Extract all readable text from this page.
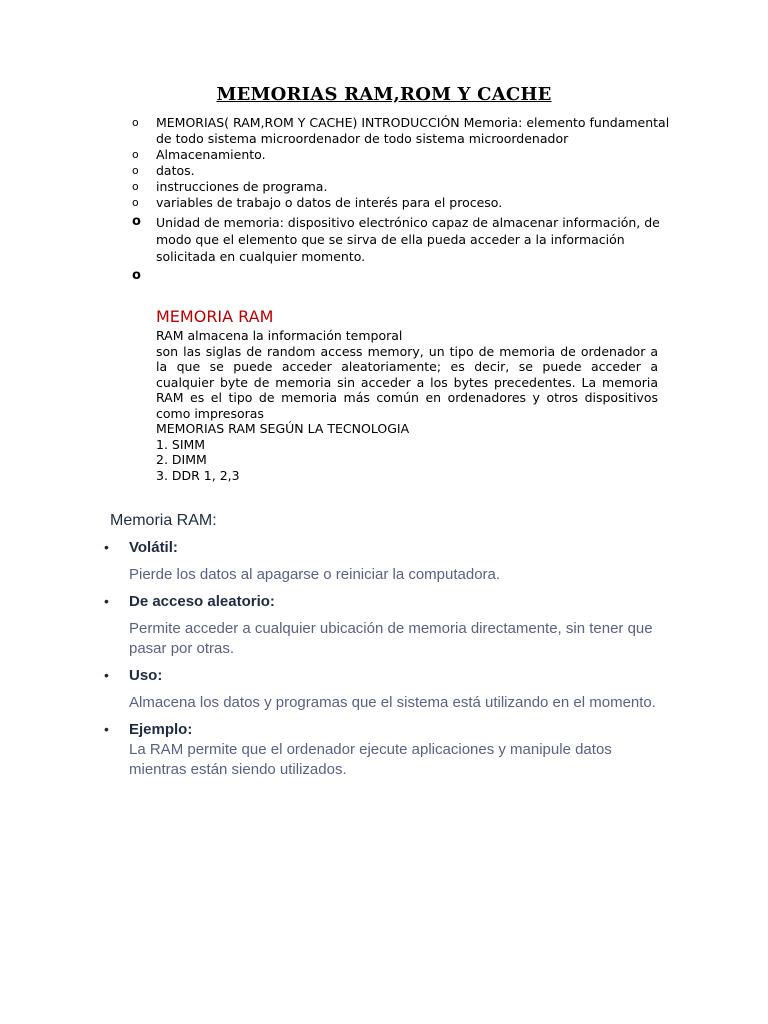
MEMORIAS RAM,ROM Y CACHE
o MEMORIAS( RAM,ROM Y CACHE) INTRODUCCIÓN Memoria: elemento fundamental de todo sistema microordenador de todo sistema microordenador
o Almacenamiento.
o datos.
o instrucciones de programa.
o variables de trabajo o datos de interés para el proceso.
o Unidad de memoria: dispositivo electrónico capaz de almacenar información, de modo que el elemento que se sirva de ella pueda acceder a la información solicitada en cualquier momento.
o
MEMORIA RAM
RAM almacena la información temporal
son las siglas de random access memory, un tipo de memoria de ordenador a la que se puede acceder aleatoriamente; es decir, se puede acceder a cualquier byte de memoria sin acceder a los bytes precedentes. La memoria RAM es el tipo de memoria más común en ordenadores y otros dispositivos como impresoras
MEMORIAS RAM SEGÚN LA TECNOLOGIA
1. SIMM
2. DIMM
3. DDR 1, 2,3
Memoria RAM:
• Volátil:
Pierde los datos al apagarse o reiniciar la computadora.
• De acceso aleatorio:
Permite acceder a cualquier ubicación de memoria directamente, sin tener que pasar por otras.
• Uso:
Almacena los datos y programas que el sistema está utilizando en el momento.
• Ejemplo:
La RAM permite que el ordenador ejecute aplicaciones y manipule datos mientras están siendo utilizados.
